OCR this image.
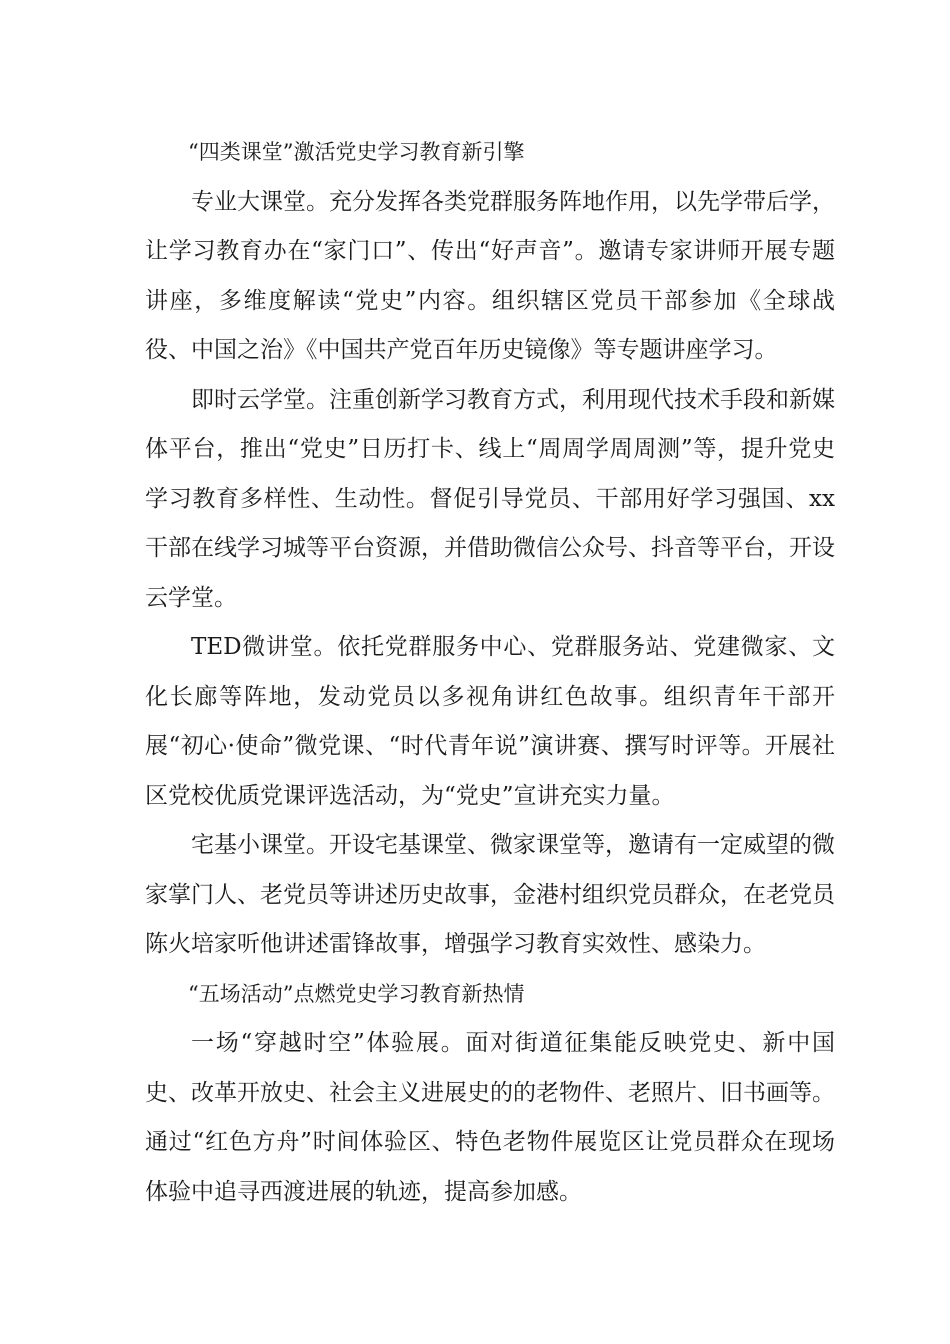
“四类课堂”激活党史学习教育新引擎

专业大课堂。充分发挥各类党群服务阵地作用，以先学带后学，让学习教育办在“家门口”、传出“好声音”。邀请专家讲师开展专题讲座，多维度解读“党史”内容。组织辖区党员干部参加《全球战役、中国之治》《中国共产党百年历史镜像》等专题讲座学习。

即时云学堂。注重创新学习教育方式，利用现代技术手段和新媒体平台，推出“党史”日历打卡、线上“周周学周周测”等，提升党史学习教育多样性、生动性。督促引导党员、干部用好学习强国、xx干部在线学习城等平台资源，并借助微信公众号、抖音等平台，开设云学堂。

TED微讲堂。依托党群服务中心、党群服务站、党建微家、文化长廊等阵地，发动党员以多视角讲红色故事。组织青年干部开展“初心·使命”微党课、“时代青年说”演讲赛、撰写时评等。开展社区党校优质党课评选活动，为“党史”宣讲充实力量。

宅基小课堂。开设宅基课堂、微家课堂等，邀请有一定威望的微家掌门人、老党员等讲述历史故事，金港村组织党员群众，在老党员陈火培家听他讲述雷锋故事，增强学习教育实效性、感染力。

“五场活动”点燃党史学习教育新热情

一场“穿越时空”体验展。面对街道征集能反映党史、新中国史、改革开放史、社会主义进展史的的老物件、老照片、旧书画等。通过“红色方舟”时间体验区、特色老物件展览区让党员群众在现场体验中追寻西渡进展的轨迹，提高参加感。
